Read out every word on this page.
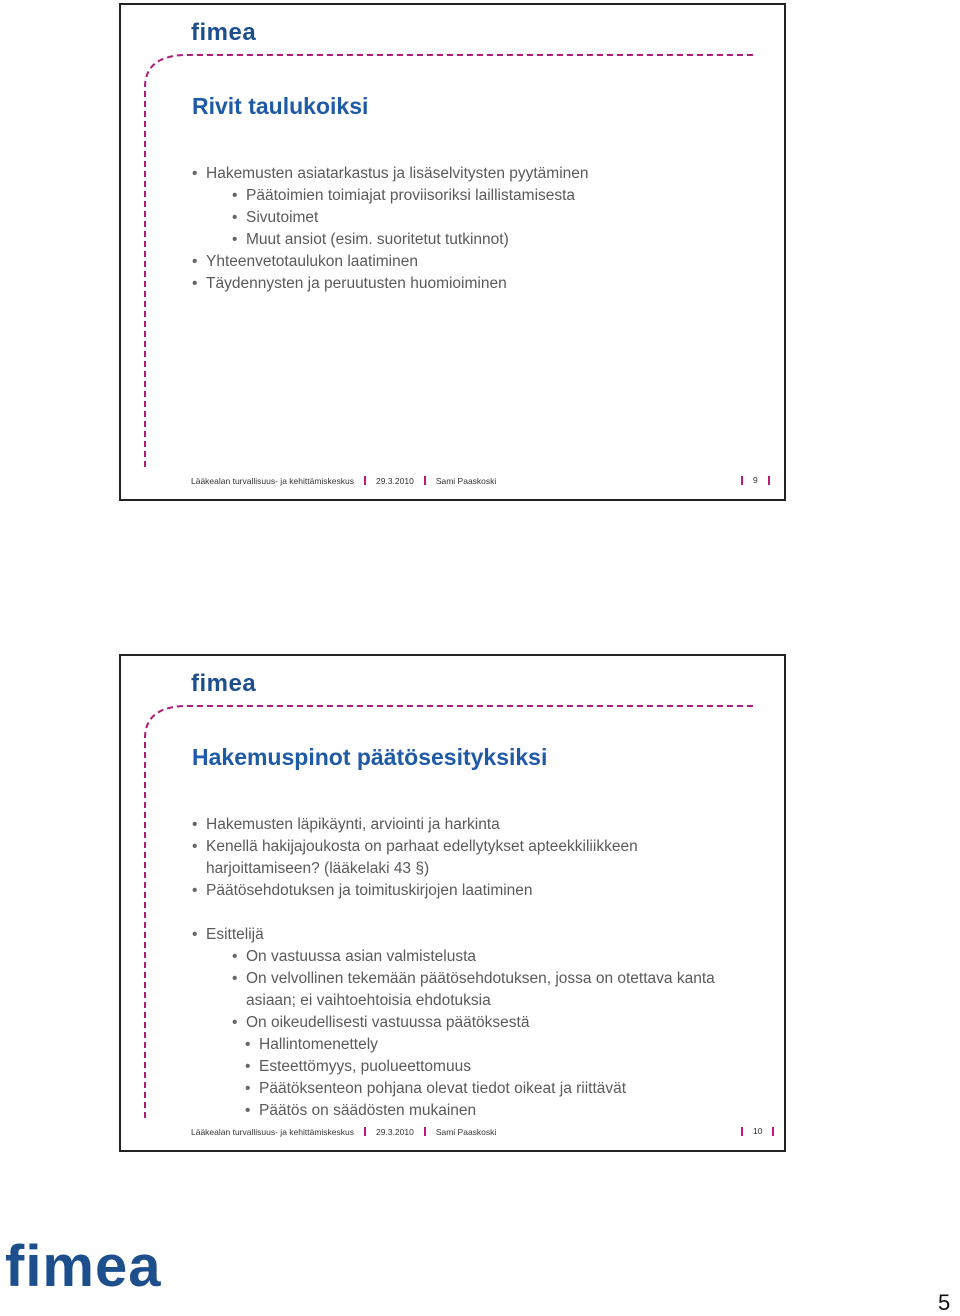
fimea
Rivit taulukoiksi
• Hakemusten asiatarkastus ja lisäselvitysten pyytäminen
• Päätoimien toimiajat proviisoriksi laillistamisesta
• Sivutoimet
• Muut ansiot (esim. suoritetut tutkinnot)
• Yhteenvetotaulukon laatiminen
• Täydennysten ja peruutusten huomioiminen
Lääkealan turvallisuus- ja kehittämiskeskus	29.3.2010	Sami Paaskoski	9
fimea
Hakemuspinot päätösesityksiksi
• Hakemusten läpikäynti, arviointi ja harkinta
• Kenellä hakijajoukosta on parhaat edellytykset apteekkiliikkeen harjoittamiseen? (lääkelaki 43 §)
• Päätösehdotuksen ja toimituskirjojen laatiminen
• Esittelijä
• On vastuussa asian valmistelusta
• On velvollinen tekemään päätösehdotuksen, jossa on otettava kanta asiaan; ei vaihtoehtoisia ehdotuksia
• On oikeudellisesti vastuussa päätöksestä
• Hallintomenettely
• Esteettömyys, puolueettomuus
• Päätöksenteon pohjana olevat tiedot oikeat ja riittävät
• Päätös on säädösten mukainen
Lääkealan turvallisuus- ja kehittämiskeskus	29.3.2010	Sami Paaskoski	10
fimea
5
